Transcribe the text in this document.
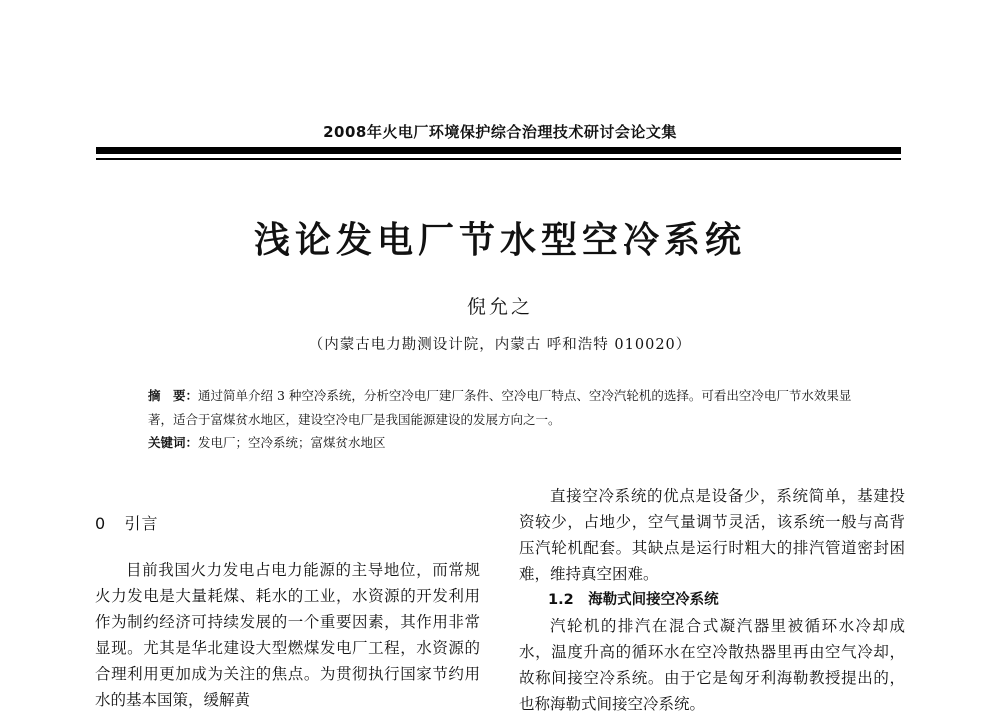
2008年火电厂环境保护综合治理技术研讨会论文集
浅论发电厂节水型空冷系统
倪允之
（内蒙古电力勘测设计院，内蒙古 呼和浩特 010020）

摘　要：通过简单介绍 3 种空冷系统，分析空冷电厂建厂条件、空冷电厂特点、空冷汽轮机的选择。可看出空冷电厂节水效果显著，适合于富煤贫水地区，建设空冷电厂是我国能源建设的发展方向之一。

关键词：发电厂；空冷系统；富煤贫水地区

0 引言

目前我国火力发电占电力能源的主导地位，而常规火力发电是大量耗煤、耗水的工业，水资源的开发利用作为制约经济可持续发展的一个重要因素，其作用非常显现。尤其是华北建设大型燃煤发电厂工程，水资源的合理利用更加成为关注的焦点。为贯彻执行国家节约用水的基本国策，缓解黄

直接空冷系统的优点是设备少，系统简单，基建投资较少，占地少，空气量调节灵活，该系统一般与高背压汽轮机配套。其缺点是运行时粗大的排汽管道密封困难，维持真空困难。

1.2　海勒式间接空冷系统

汽轮机的排汽在混合式凝汽器里被循环水冷却成水，温度升高的循环水在空冷散热器里再由空气冷却，故称间接空冷系统。由于它是匈牙利海勒教授提出的，也称海勒式间接空冷系统。
